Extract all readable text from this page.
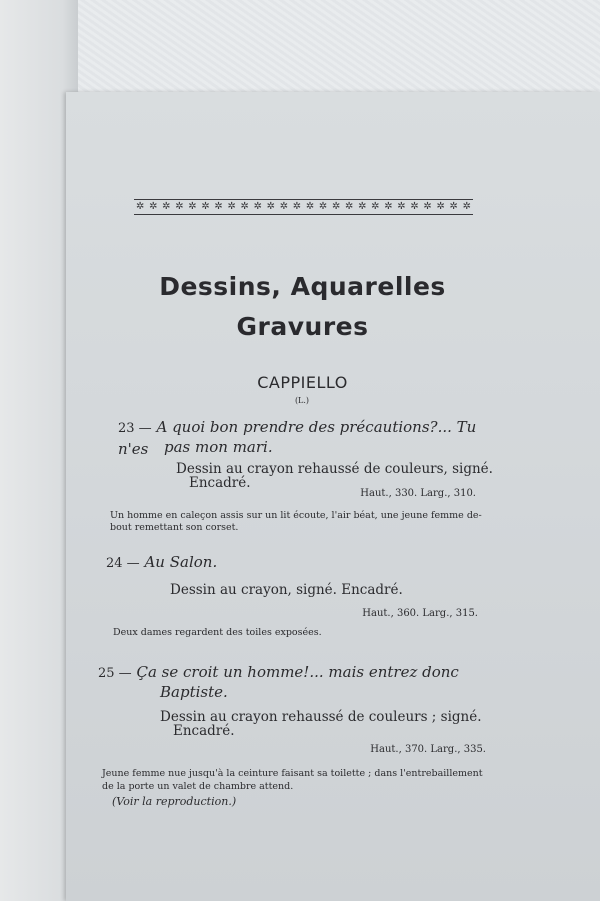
✲ ✲ ✲ ✲ ✲ ✲ ✲ ✲ ✲ ✲ ✲ ✲ ✲ ✲ ✲ ✲ ✲ ✲ ✲ ✲ ✲ ✲ ✲ ✲ ✲ ✲
Dessins, Aquarelles
Gravures
CAPPIELLO
(L.)
23 — A quoi bon prendre des précautions?... Tu n'es	pas mon mari.
Dessin au crayon rehaussé de couleurs, signé.
Encadré.
Haut., 330. Larg., 310.
Un homme en caleçon assis sur un lit écoute, l'air béat, une jeune femme de-
bout remettant son corset.
24 — Au Salon.
Dessin au crayon, signé. Encadré.
Haut., 360. Larg., 315.
Deux dames regardent des toiles exposées.
25 — Ça se croit un homme!... mais entrez donc
Baptiste.
Dessin au crayon rehaussé de couleurs ; signé.
Encadré.
Haut., 370. Larg., 335.
Jeune femme nue jusqu'à la ceinture faisant sa toilette ; dans l'entrebaillement
de la porte un valet de chambre attend.
(Voir la reproduction.)
